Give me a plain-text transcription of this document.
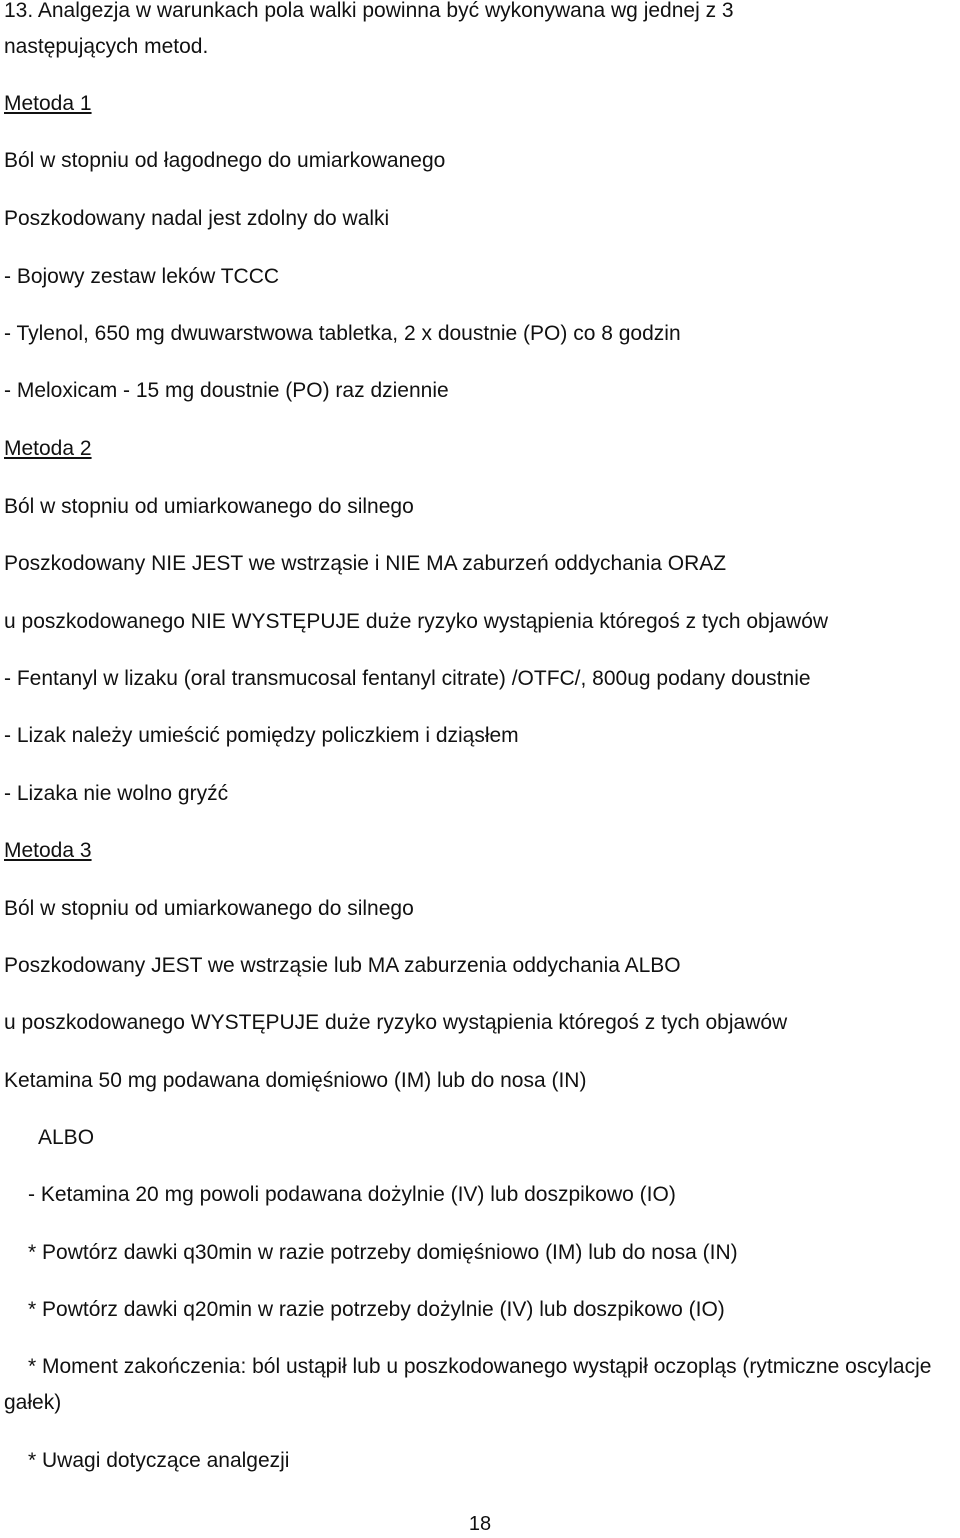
13. Analgezja w warunkach pola walki powinna być wykonywana wg jednej z 3
następujących metod.
Metoda 1
Ból w stopniu od łagodnego do umiarkowanego
Poszkodowany nadal jest zdolny do walki
- Bojowy zestaw leków TCCC
- Tylenol, 650 mg dwuwarstwowa tabletka, 2 x doustnie (PO) co 8 godzin
- Meloxicam - 15 mg doustnie (PO) raz dziennie
Metoda 2
Ból w stopniu od umiarkowanego do silnego
Poszkodowany NIE JEST we wstrząsie i NIE MA zaburzeń oddychania ORAZ
u poszkodowanego NIE WYSTĘPUJE duże ryzyko wystąpienia któregoś z tych objawów
- Fentanyl w lizaku (oral transmucosal fentanyl citrate) /OTFC/, 800ug podany doustnie
- Lizak należy umieścić pomiędzy policzkiem i dziąsłem
- Lizaka nie wolno gryźć
Metoda 3
Ból w stopniu od umiarkowanego do silnego
Poszkodowany JEST we wstrząsie lub MA zaburzenia oddychania ALBO
u poszkodowanego WYSTĘPUJE duże ryzyko wystąpienia któregoś z tych objawów
Ketamina 50 mg podawana domięśniowo (IM) lub do nosa (IN)
ALBO
- Ketamina 20 mg powoli podawana dożylnie (IV) lub doszpikowo (IO)
* Powtórz dawki q30min w razie potrzeby domięśniowo (IM) lub do nosa (IN)
* Powtórz dawki q20min w razie potrzeby dożylnie (IV) lub doszpikowo (IO)
* Moment zakończenia: ból ustąpił lub u poszkodowanego wystąpił oczopląs (rytmiczne oscylacje gałek)
* Uwagi dotyczące analgezji
18
